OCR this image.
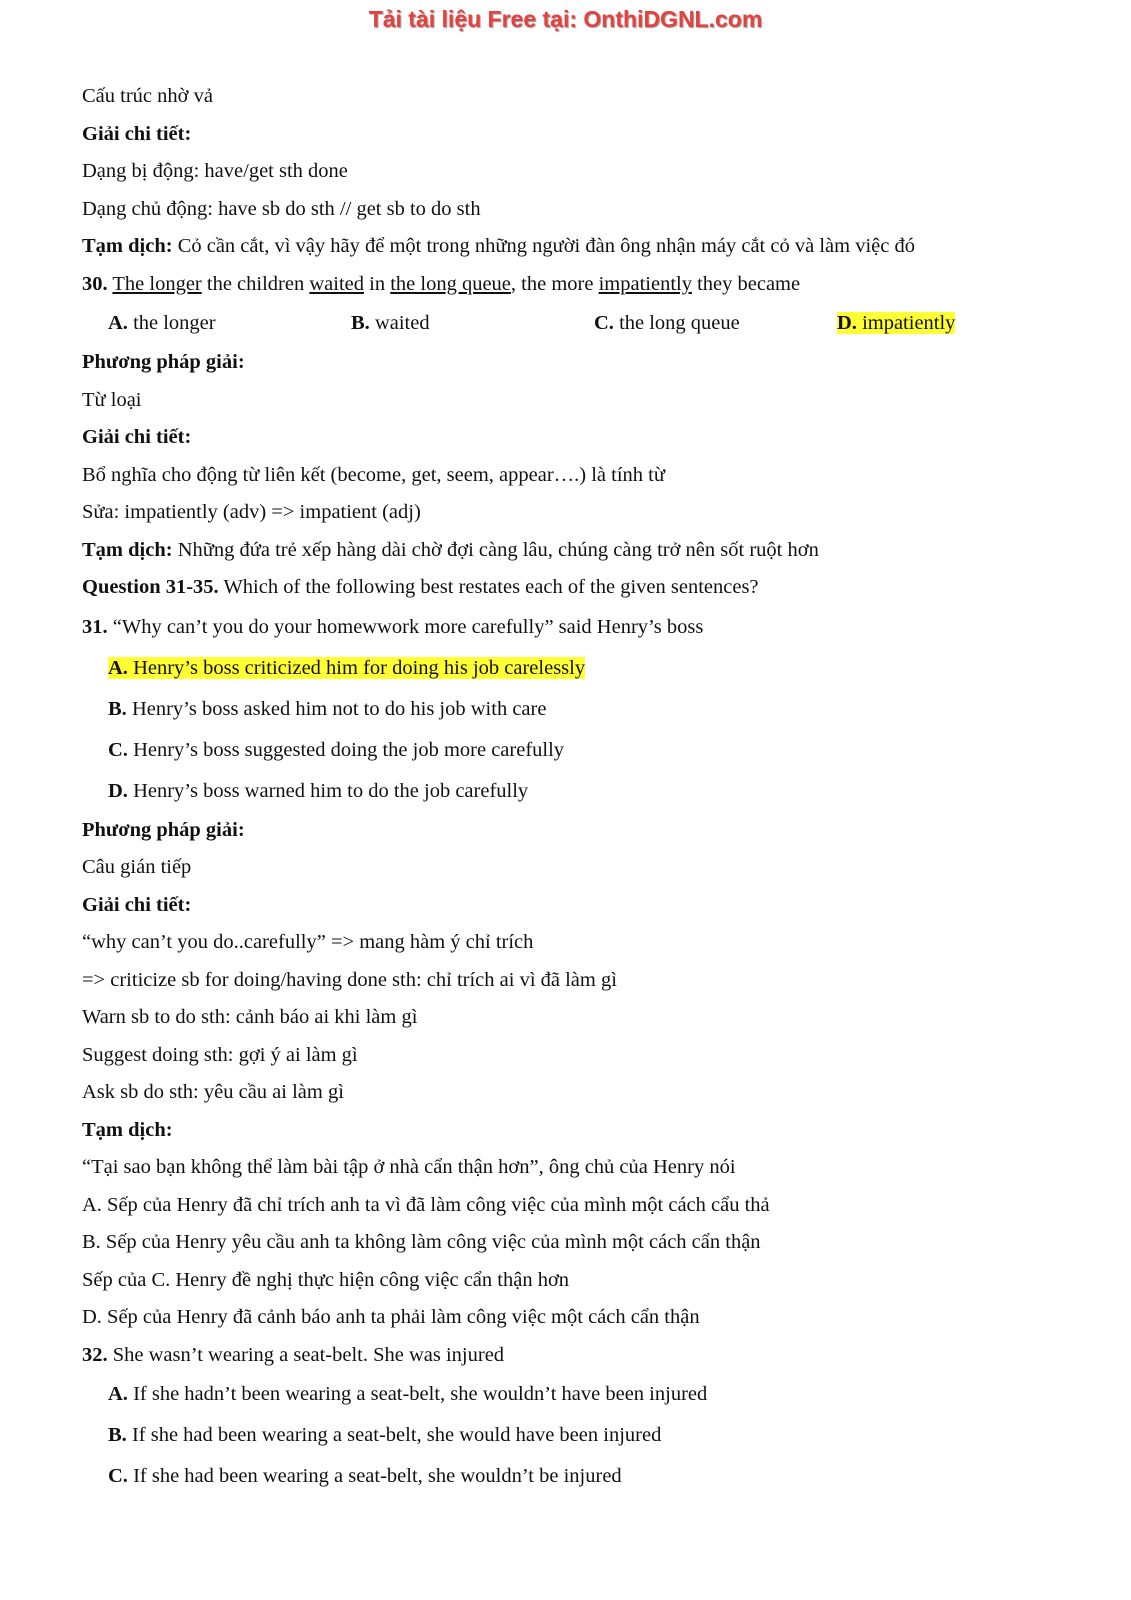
Tải tài liệu Free tại: OnthiDGNL.com
Cấu trúc nhờ vả
Giải chi tiết:
Dạng bị động: have/get sth done
Dạng chủ động: have sb do sth // get sb to do sth
Tạm dịch: Cỏ cần cắt, vì vậy hãy để một trong những người đàn ông nhận máy cắt cỏ và làm việc đó
30. The longer the children waited in the long queue, the more impatiently they became
A. the longer	B. waited	C. the long queue	D. impatiently
Phương pháp giải:
Từ loại
Giải chi tiết:
Bổ nghĩa cho động từ liên kết (become, get, seem, appear….) là tính từ
Sửa: impatiently (adv) => impatient (adj)
Tạm dịch: Những đứa trẻ xếp hàng dài chờ đợi càng lâu, chúng càng trở nên sốt ruột hơn
Question 31-35. Which of the following best restates each of the given sentences?
31. “Why can’t you do your homewwork more carefully” said Henry’s boss
A. Henry’s boss criticized him for doing his job carelessly
B. Henry’s boss asked him not to do his job with care
C. Henry’s boss suggested doing the job more carefully
D. Henry’s boss warned him to do the job carefully
Phương pháp giải:
Câu gián tiếp
Giải chi tiết:
“why can’t you do..carefully” => mang hàm ý chỉ trích
=> criticize sb for doing/having done sth: chỉ trích ai vì đã làm gì
Warn sb to do sth: cảnh báo ai khi làm gì
Suggest doing sth: gợi ý ai làm gì
Ask sb do sth: yêu cầu ai làm gì
Tạm dịch:
“Tại sao bạn không thể làm bài tập ở nhà cẩn thận hơn”, ông chủ của Henry nói
A. Sếp của Henry đã chỉ trích anh ta vì đã làm công việc của mình một cách cẩu thả
B. Sếp của Henry yêu cầu anh ta không làm công việc của mình một cách cẩn thận
Sếp của C. Henry đề nghị thực hiện công việc cẩn thận hơn
D. Sếp của Henry đã cảnh báo anh ta phải làm công việc một cách cẩn thận
32. She wasn’t wearing a seat-belt. She was injured
A. If she hadn’t been wearing a seat-belt, she wouldn’t have been injured
B. If she had been wearing a seat-belt, she would have been injured
C. If she had been wearing a seat-belt, she wouldn’t be injured
